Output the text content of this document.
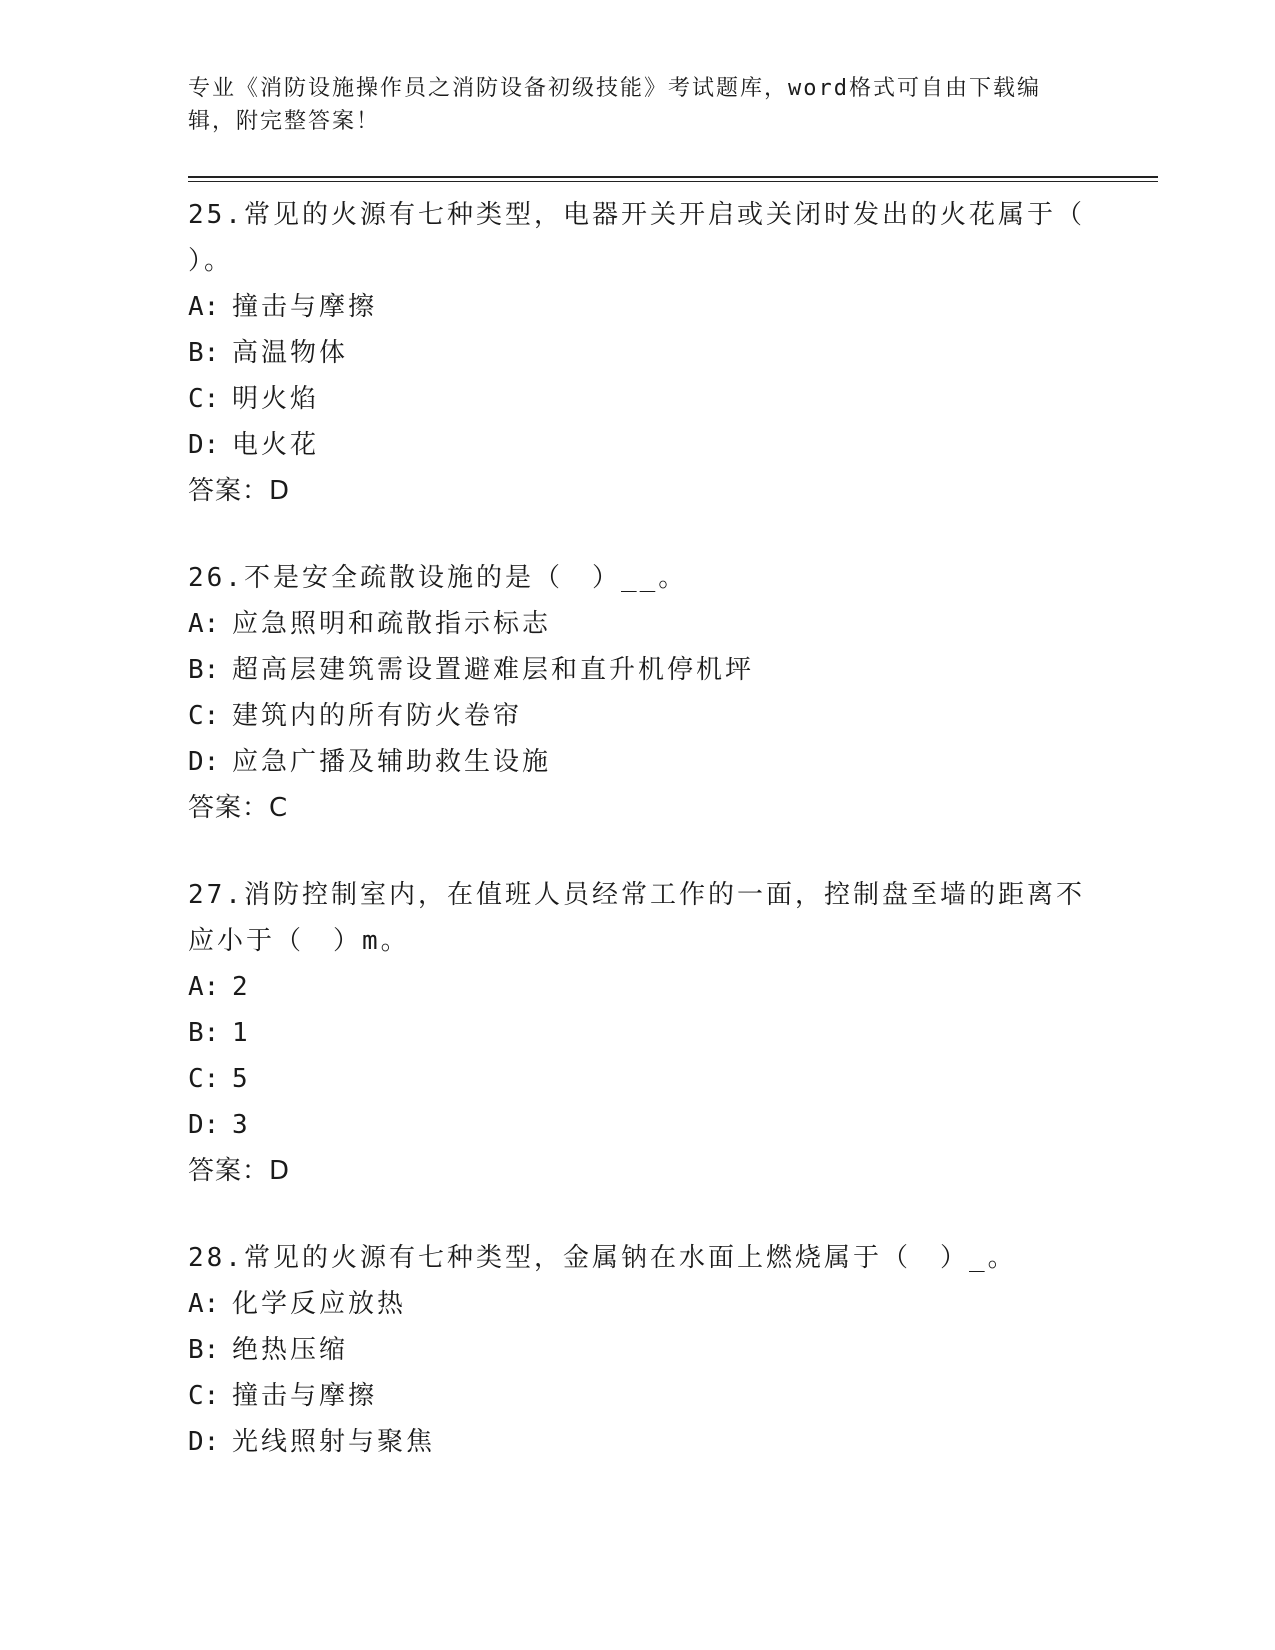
专业《消防设施操作员之消防设备初级技能》考试题库，word格式可自由下载编辑，附完整答案！

25.常见的火源有七种类型，电器开关开启或关闭时发出的火花属于（ ）。

A: 撞击与摩擦

B: 高温物体

C: 明火焰

D: 电火花

答案：D

26.不是安全疏散设施的是（　）__。

A: 应急照明和疏散指示标志

B: 超高层建筑需设置避难层和直升机停机坪

C: 建筑内的所有防火卷帘

D: 应急广播及辅助救生设施

答案：C

27.消防控制室内，在值班人员经常工作的一面，控制盘至墙的距离不应小于（　）m。

A: 2

B: 1

C: 5

D: 3

答案：D

28.常见的火源有七种类型，金属钠在水面上燃烧属于（　）_。

A: 化学反应放热

B: 绝热压缩

C: 撞击与摩擦

D: 光线照射与聚焦
